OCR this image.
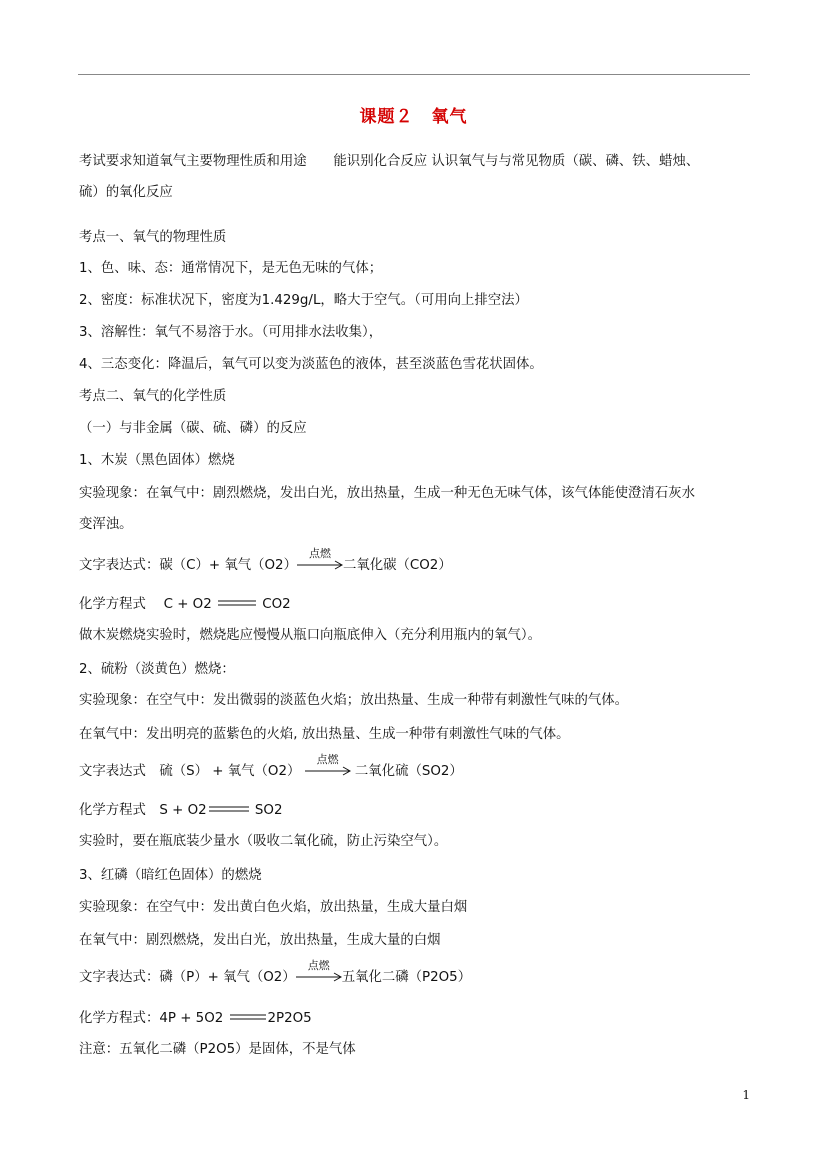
课题２　氧气
考试要求知道氧气主要物理性质和用途　　能识别化合反应 认识氧气与与常见物质（碳、磷、铁、蜡烛、
硫）的氧化反应
考点一、氧气的物理性质
1、色、味、态：通常情况下，是无色无味的气体；
2、密度：标准状况下，密度为1.429g/L，略大于空气。（可用向上排空法）
3、溶解性：氧气不易溶于水。（可用排水法收集），
4、三态变化：降温后，氧气可以变为淡蓝色的液体，甚至淡蓝色雪花状固体。
考点二、氧气的化学性质
（一）与非金属（碳、硫、磷）的反应
1、木炭（黑色固体）燃烧
实验现象：在氧气中：剧烈燃烧，发出白光，放出热量，生成一种无色无味气体，该气体能使澄清石灰水
变浑浊。
文字表达式：碳（C）+ 氧气（O2）
点燃
二氧化碳（CO2）
化学方程式　 C + O2	CO2
做木炭燃烧实验时，燃烧匙应慢慢从瓶口向瓶底伸入（充分利用瓶内的氧气）。
2、硫粉（淡黄色）燃烧：
实验现象：在空气中：发出微弱的淡蓝色火焰；放出热量、生成一种带有刺激性气味的气体。
在氧气中：发出明亮的蓝紫色的火焰, 放出热量、生成一种带有刺激性气味的气体。
文字表达式　硫（S） + 氧气（O2）
点燃
二氧化硫（SO2）
化学方程式　S + O2	SO2
实验时，要在瓶底装少量水（吸收二氧化硫，防止污染空气）。
3、红磷（暗红色固体）的燃烧
实验现象：在空气中：发出黄白色火焰，放出热量，生成大量白烟
在氧气中：剧烈燃烧，发出白光，放出热量，生成大量的白烟
文字表达式：磷（P）+ 氧气（O2）
点燃
五氧化二磷（P2O5）
化学方程式：4P + 5O2	2P2O5
注意：五氧化二磷（P2O5）是固体，不是气体
1
